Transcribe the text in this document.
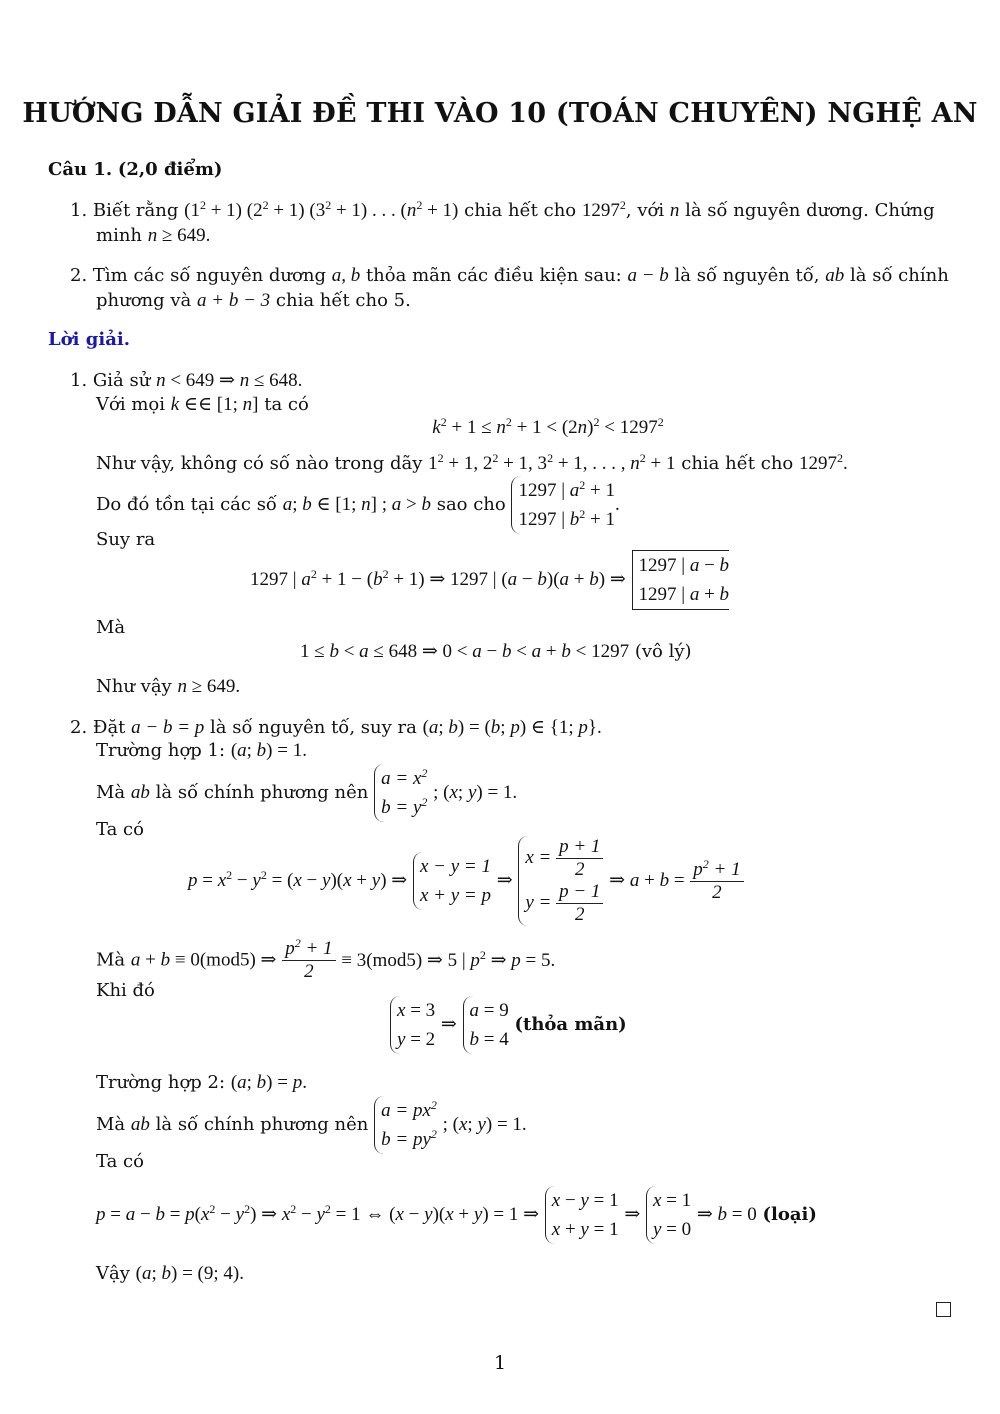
HƯỚNG DẪN GIẢI ĐỀ THI VÀO 10 (TOÁN CHUYÊN) NGHỆ AN
Câu 1. (2,0 điểm)
1. Biết rằng $(1^2 + 1) (2^2 + 1) (3^2 + 1)$ . . . $(n^2 + 1)$ chia hết cho 1297$^2$, với n là số nguyên dương. Chứng
minh n ≥ 649.
2. Tìm các số nguyên dương a, b thỏa mãn các điều kiện sau: a − b là số nguyên tố, ab là số chính
phương và a + b − 3 chia hết cho 5.
Lời giải.
1. Giả sử n < 649 ⇒ n ≤ 648.
Với mọi k ∈∈ [1; n] ta có
$k^2 + 1 \le n^2 + 1 < (2n)^2 < 1297^2$
Như vậy, không có số nào trong dãy $1^2 + 1$, $2^2 + 1$, $3^2 + 1$, . . . , $n^2 + 1$ chia hết cho 1297$^2$.
Do đó tồn tại các số a; b ∈ [1; n] ; a > b sao cho 1297 | $a^2 + 1$
1297 | $b^2 + 1$.
Suy ra
1297 | $a^2 + 1 - (b^2 + 1)$ ⇒ 1297 | (a − b)(a + b) ⇒ 1297 | a − b
1297 | a + b
Mà
1 ≤ b < a ≤ 648 ⇒ 0 < a − b < a + b < 1297 (vô lý)
Như vậy n ≥ 649.
2. Đặt a − b = p là số nguyên tố, suy ra (a; b) = (b; p) ∈ {1; p}.
Trường hợp 1: (a; b) = 1.
Mà ab là số chính phương nên $a = x^2$
$b = y^2$ ; (x; y) = 1.
Ta có
$p = x^2 - y^2 = (x - y)(x + y)$ ⇒ x − y = 1
x + y = p ⇒
$x = \frac{p + 1}{2}$
$y = \frac{p - 1}{2}$
⇒ $a + b = \frac{p^2 + 1}{2}$
Mà a + b ≡ 0(mod5) ⇒ $\frac{p^2 + 1}{2} \equiv 3(mod5)$ ⇒ 5 | $p^2$ ⇒ p = 5.
Khi đó
x = 3
y = 2 ⇒ a = 9
b = 4 (thỏa mãn)
Trường hợp 2: (a; b) = p.
Mà ab là số chính phương nên $a = px^2$
$b = py^2$ ; (x; y) = 1.
Ta có
$p = a - b = p(x^2 - y^2)$ ⇒ $x^2 - y^2 = 1$ ⇔ (x − y)(x + y) = 1 ⇒ x − y = 1
x + y = 1 ⇒ x = 1
y = 0 ⇒ b = 0 (loại)
Vậy (a; b) = (9; 4).
1
